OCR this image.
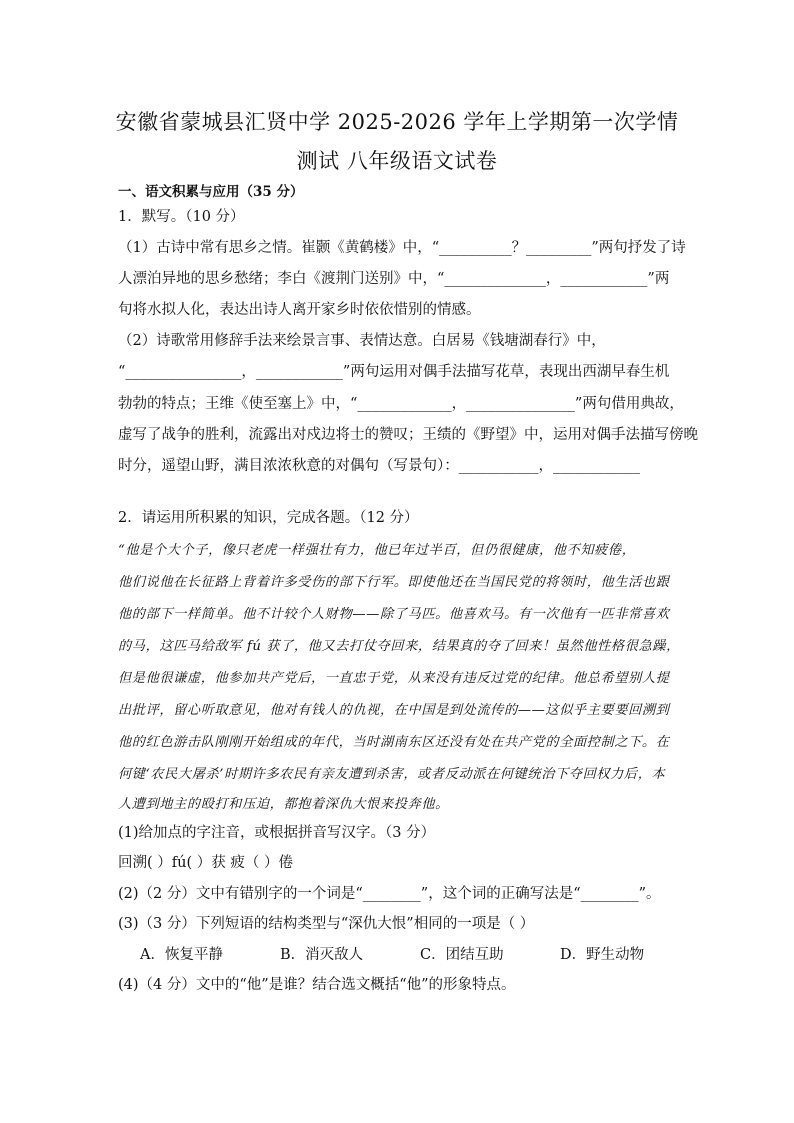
安徽省蒙城县汇贤中学 2025-2026 学年上学期第一次学情
测试 八年级语文试卷
一、语文积累与应用（35 分）
1．默写。（10 分）
（1）古诗中常有思乡之情。崔颢《黄鹤楼》中，“__________？_________”两句抒发了诗
人漂泊异地的思乡愁绪；李白《渡荆门送别》中，“______________，____________”两
句将水拟人化，表达出诗人离开家乡时依依惜别的情感。
（2）诗歌常用修辞手法来绘景言事、表情达意。白居易《钱塘湖春行》中，
“________________，____________”两句运用对偶手法描写花草，表现出西湖早春生机
勃勃的特点；王维《使至塞上》中，“_____________，_______________”两句借用典故，
虚写了战争的胜利，流露出对戍边将士的赞叹；王绩的《野望》中，运用对偶手法描写傍晚
时分，遥望山野，满目浓浓秋意的对偶句（写景句）：___________，____________
2．请运用所积累的知识，完成各题。（12 分）
“他是个大个子，像只老虎一样强壮有力，他已年过半百，但仍很健康，他不知疲倦，
他们说他在长征路上背着许多受伤的部下行军。即使他还在当国民党的将领时，他生活也跟
他的部下一样简单。他不计较个人财物——除了马匹。他喜欢马。有一次他有一匹非常喜欢
的马，这匹马给敌军 fú 获了，他又去打仗夺回来，结果真的夺了回来！虽然他性格很急躁，
但是他很谦虚，他参加共产党后，一直忠于党，从来没有违反过党的纪律。他总希望别人提
出批评，留心听取意见，他对有钱人的仇视，在中国是到处流传的——这似乎主要要回溯到
他的红色游击队刚刚开始组成的年代，当时湖南东区还没有处在共产党的全面控制之下。在
何键‘农民大屠杀’时期许多农民有亲友遭到杀害，或者反动派在何键统治下夺回权力后，本
人遭到地主的殴打和压迫，都抱着深仇大恨来投奔他。
(1)给加点的字注音，或根据拼音写汉字。（3 分）
回溯( ）fú( ）获 疲（ ）倦
(2)（2 分）文中有错别字的一个词是“________”，这个词的正确写法是“________”。
(3)（3 分）下列短语的结构类型与“深仇大恨”相同的一项是（ ）
A．恢复平静	B．消灭敌人	C．团结互助	D．野生动物
(4)（4 分）文中的“他”是谁？结合选文概括“他”的形象特点。
